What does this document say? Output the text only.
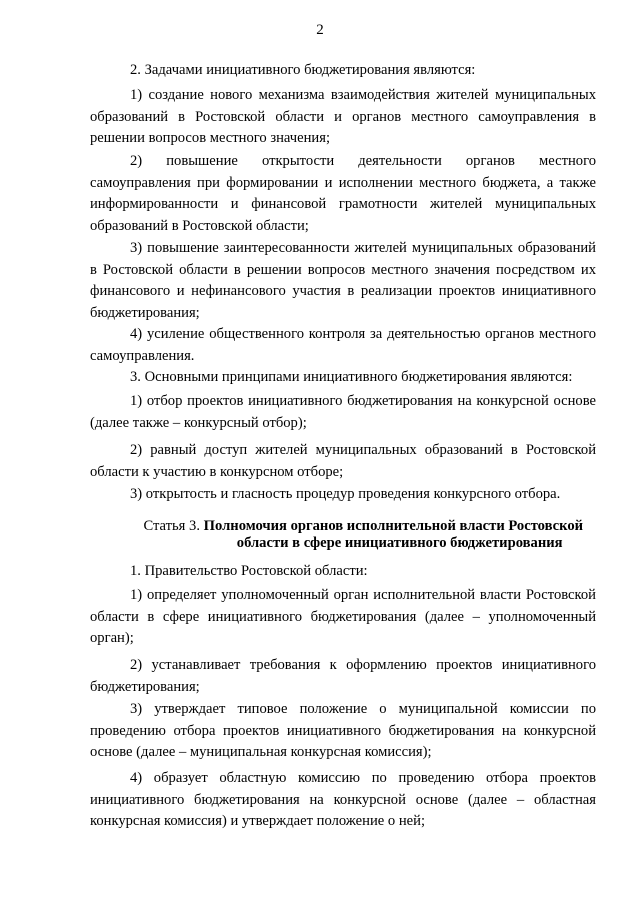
2

2. Задачами инициативного бюджетирования являются:

1) создание нового механизма взаимодействия жителей муниципальных образований в Ростовской области и органов местного самоуправления в решении вопросов местного значения;

2) повышение открытости деятельности органов местного самоуправления при формировании и исполнении местного бюджета, а также информированности и финансовой грамотности жителей муниципальных образований в Ростовской области;

3) повышение заинтересованности жителей муниципальных образований в Ростовской области в решении вопросов местного значения посредством их финансового и нефинансового участия в реализации проектов инициативного бюджетирования;

4) усиление общественного контроля за деятельностью органов местного самоуправления.

3. Основными принципами инициативного бюджетирования являются:

1) отбор проектов инициативного бюджетирования на конкурсной основе (далее также – конкурсный отбор);

2) равный доступ жителей муниципальных образований в Ростовской области к участию в конкурсном отборе;

3) открытость и гласность процедур проведения конкурсного отбора.

Статья 3. Полномочия органов исполнительной власти Ростовской
области в сфере инициативного бюджетирования

1. Правительство Ростовской области:

1) определяет уполномоченный орган исполнительной власти Ростовской области в сфере инициативного бюджетирования (далее – уполномоченный орган);

2) устанавливает требования к оформлению проектов инициативного бюджетирования;

3) утверждает типовое положение о муниципальной комиссии по проведению отбора проектов инициативного бюджетирования на конкурсной основе (далее – муниципальная конкурсная комиссия);

4) образует областную комиссию по проведению отбора проектов инициативного бюджетирования на конкурсной основе (далее – областная конкурсная комиссия) и утверждает положение о ней;
